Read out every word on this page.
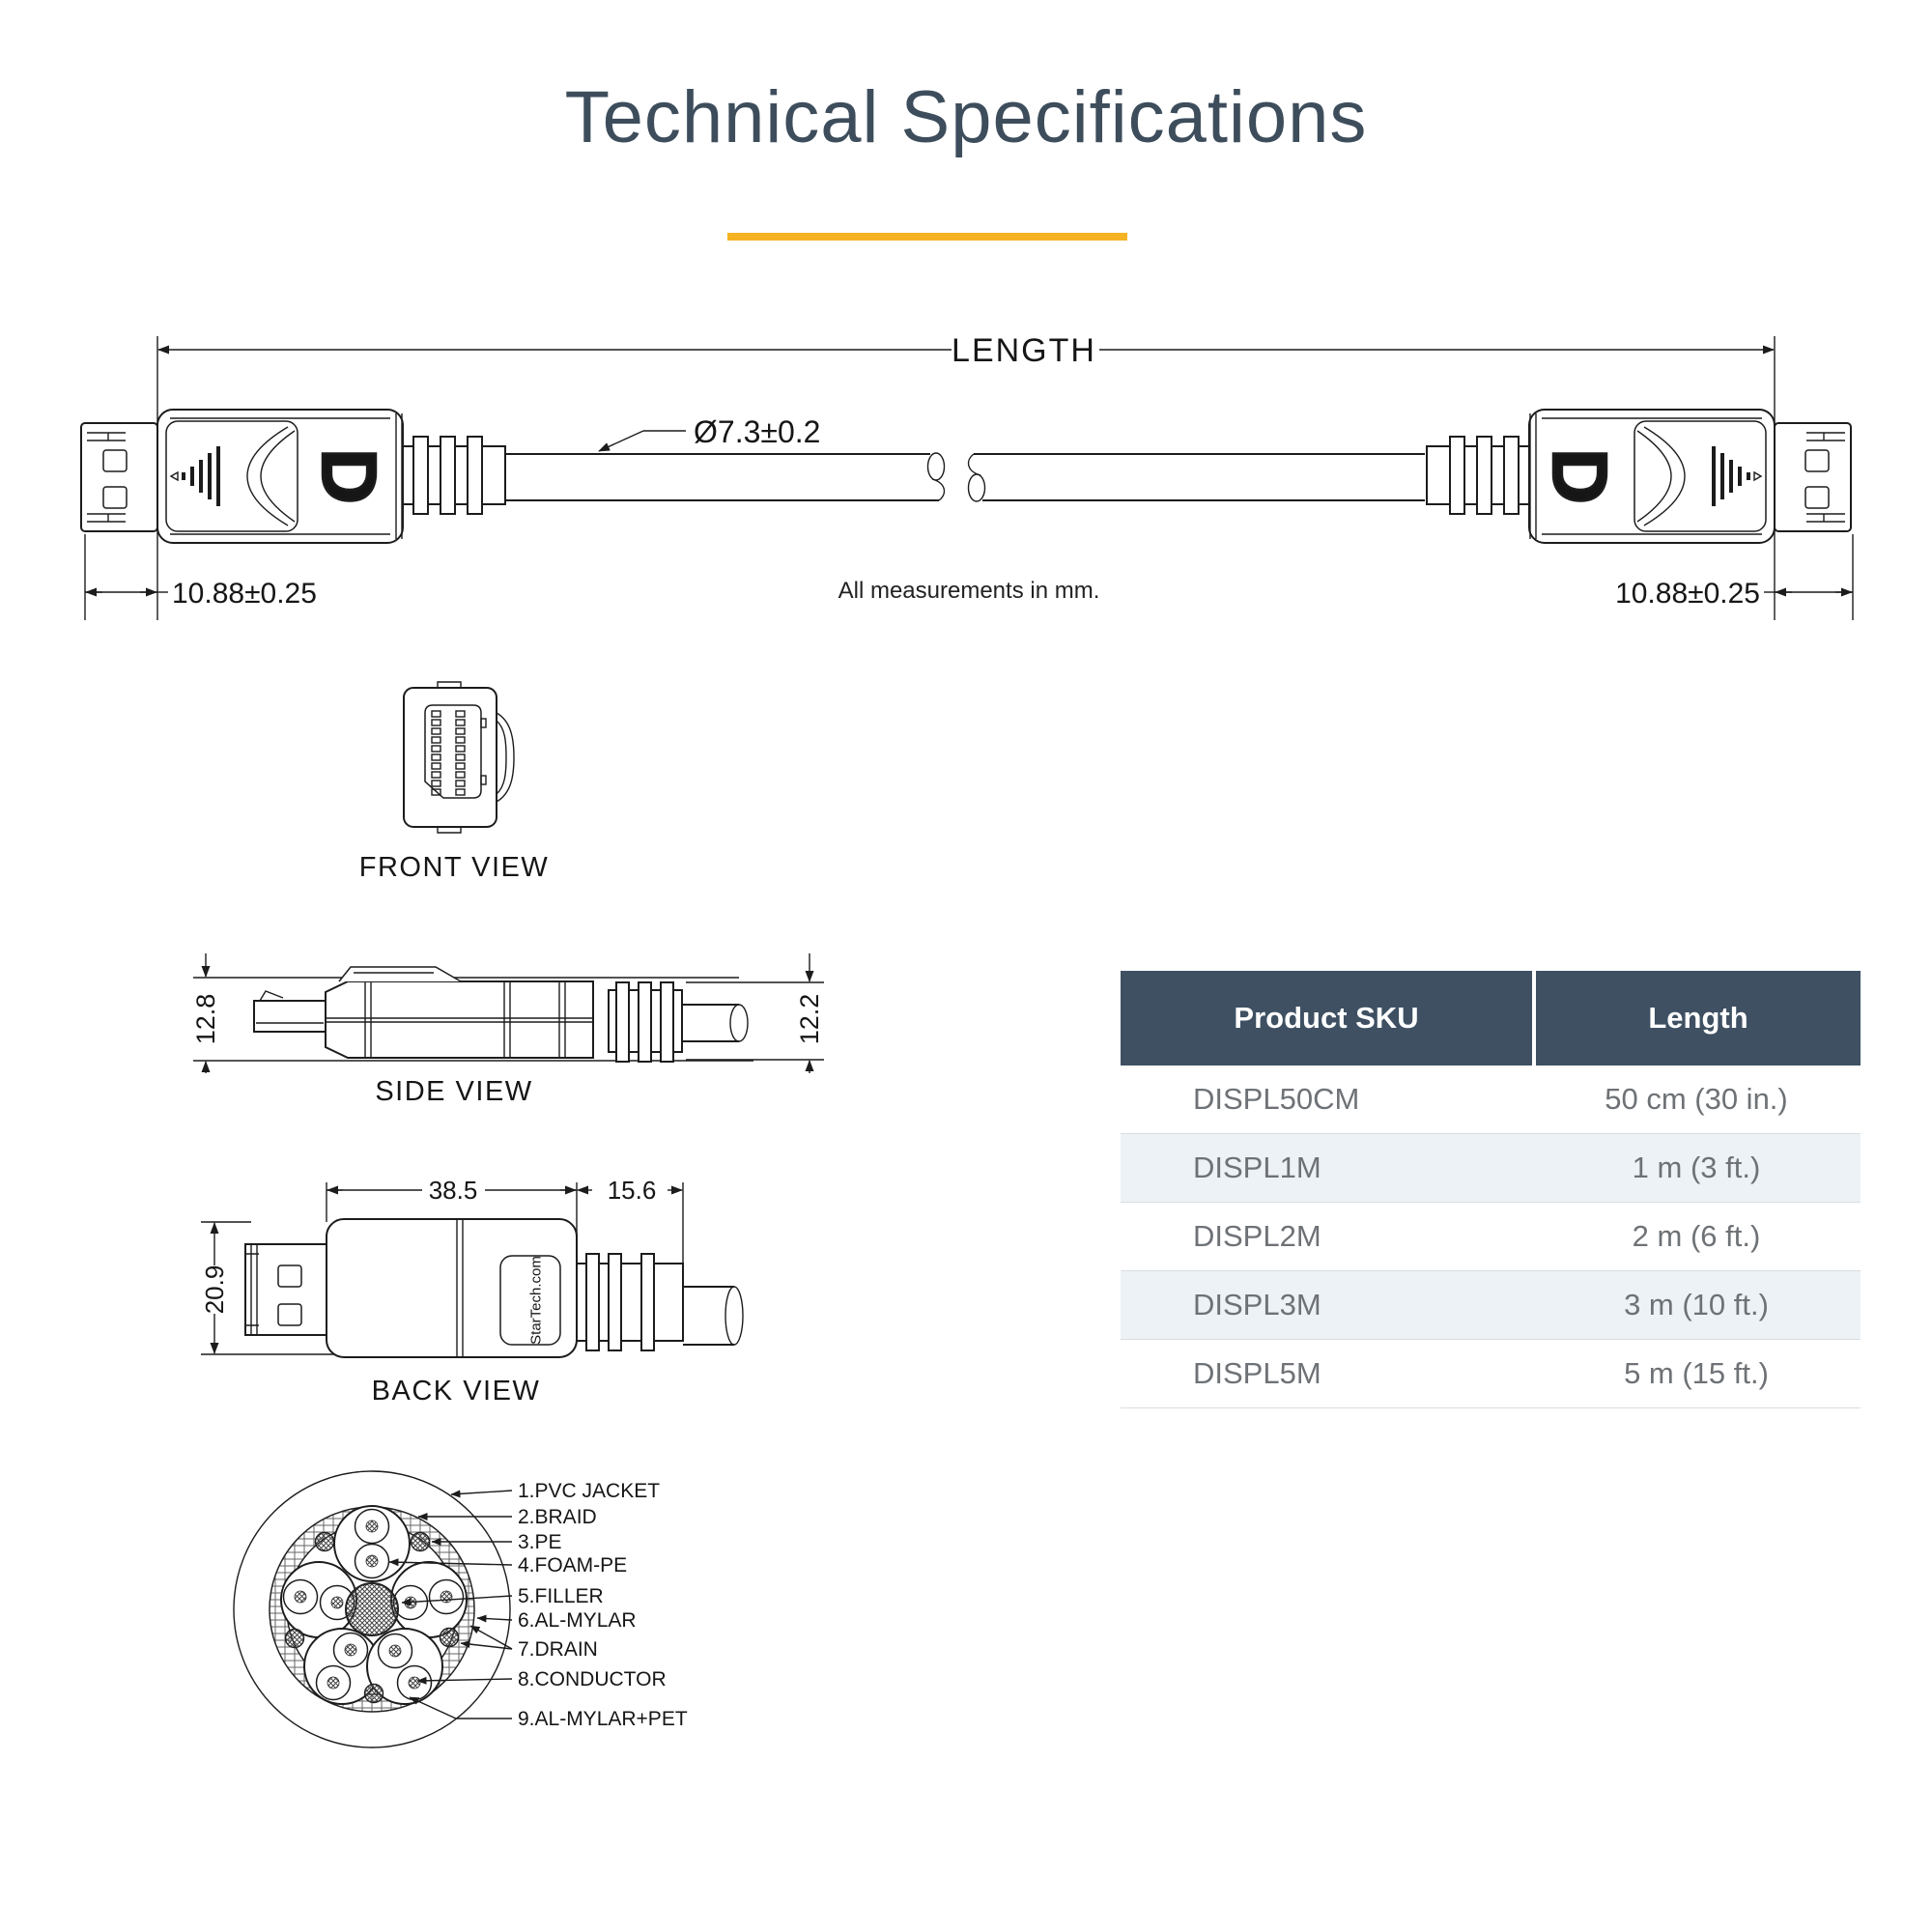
Technical Specifications
LENGTH
10.88±0.25	10.88±0.25
Ø7.3±0.2
D	D
All measurements in mm.
FRONT VIEW
12.8	12.2
SIDE VIEW
38.5	15.6
20.9	StarTech.com
BACK VIEW
1.PVC JACKET
2.BRAID
3.PE
4.FOAM-PE
5.FILLER
6.AL-MYLAR
7.DRAIN
8.CONDUCTOR
9.AL-MYLAR+PET
Product SKU	Length
DISPL50CM	50 cm (30 in.)
DISPL1M	1 m (3 ft.)
DISPL2M	2 m (6 ft.)
DISPL3M	3 m (10 ft.)
DISPL5M	5 m (15 ft.)
